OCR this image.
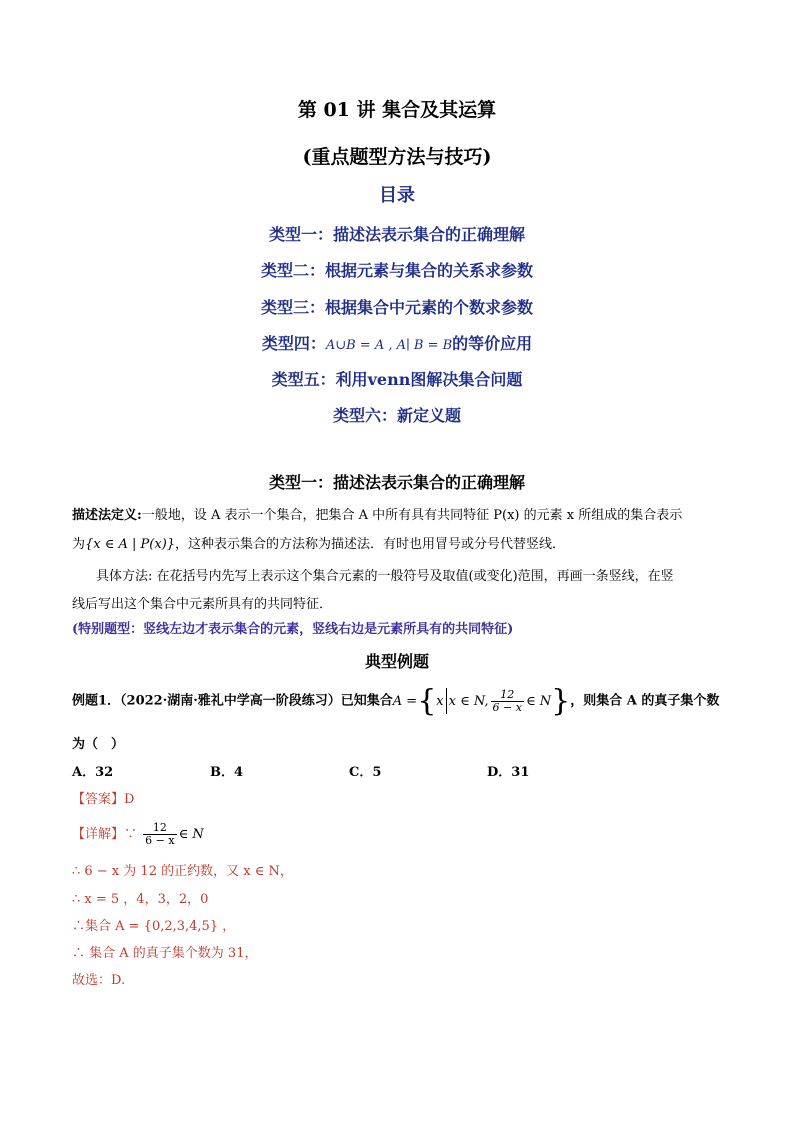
第 01 讲 集合及其运算
(重点题型方法与技巧)
目录
类型一：描述法表示集合的正确理解
类型二：根据元素与集合的关系求参数
类型三：根据集合中元素的个数求参数
类型四：A∪B = A , A∣ B = B的等价应用
类型五：利用venn图解决集合问题
类型六：新定义题
类型一：描述法表示集合的正确理解
描述法定义:一般地，设 A 表示一个集合，把集合 A 中所有具有共同特征 P(x) 的元素 x 所组成的集合表示
为{x ∈ A | P(x)}，这种表示集合的方法称为描述法．有时也用冒号或分号代替竖线．
具体方法: 在花括号内先写上表示这个集合元素的一般符号及取值(或变化)范围，再画一条竖线，在竖
线后写出这个集合中元素所具有的共同特征．
(特别题型：竖线左边才表示集合的元素，竖线右边是元素所具有的共同特征)
典型例题
例题1．（2022·湖南·雅礼中学高一阶段练习）已知集合A ={x x ∈ N, $\frac{12}{6 - x}$ ∈ N}，则集合 A 的真子集个数
为（　）
A．32	B．4	C．5	D．31
【答案】D
【详解】∵ $\frac{12}{6 - x}$ ∈ N
∴ 6 − x 为 12 的正约数，又 x ∈ N，
∴ x = 5 ，4，3，2，0
∴集合 A = {0,2,3,4,5} ，
∴ 集合 A 的真子集个数为 31，
故选：D.
